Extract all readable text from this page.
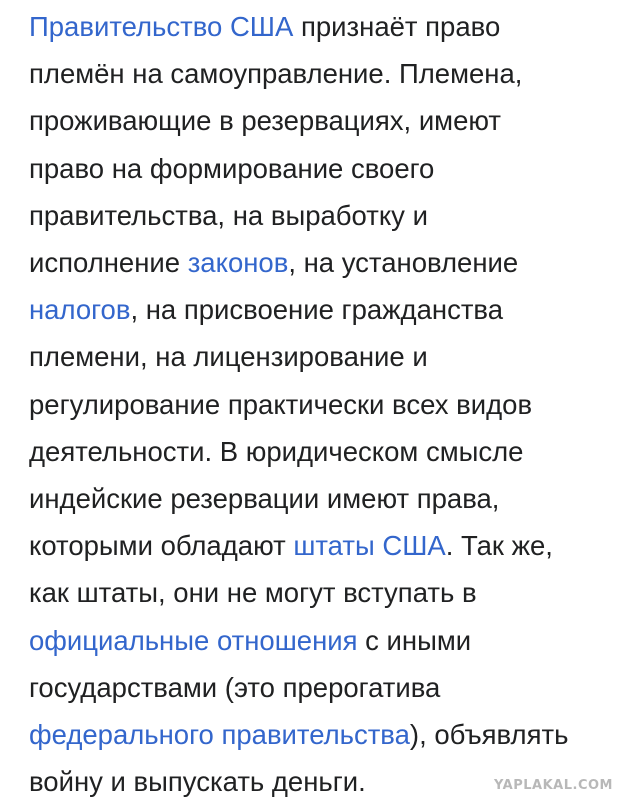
Правительство США признаёт право
племён на самоуправление. Племена,
проживающие в резервациях, имеют
право на формирование своего
правительства, на выработку и
исполнение законов, на установление
налогов, на присвоение гражданства
племени, на лицензирование и
регулирование практически всех видов
деятельности. В юридическом смысле
индейские резервации имеют права,
которыми обладают штаты США. Так же,
как штаты, они не могут вступать в
официальные отношения с иными
государствами (это прерогатива
федерального правительства), объявлять
войну и выпускать деньги.	YAPLAKAL.COM
